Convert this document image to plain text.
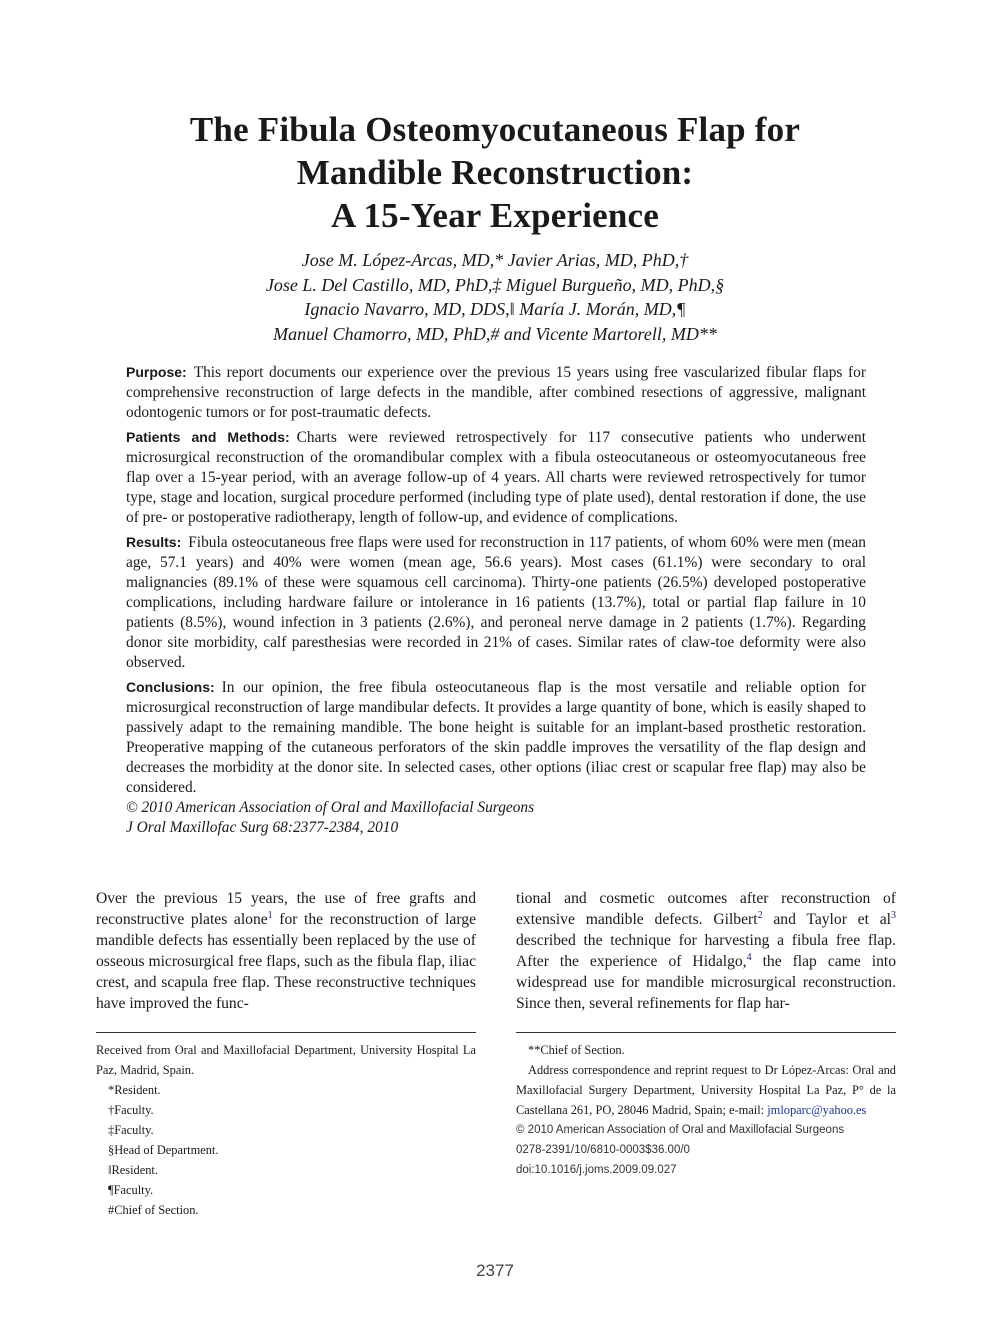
The Fibula Osteomyocutaneous Flap for
Mandible Reconstruction:
A 15-Year Experience
Jose M. López-Arcas, MD,* Javier Arias, MD, PhD,†
Jose L. Del Castillo, MD, PhD,‡ Miguel Burgueño, MD, PhD,§
Ignacio Navarro, MD, DDS,‖ María J. Morán, MD,¶
Manuel Chamorro, MD, PhD,# and Vicente Martorell, MD**

Purpose: This report documents our experience over the previous 15 years using free vascularized fibular flaps for comprehensive reconstruction of large defects in the mandible, after combined resections of aggressive, malignant odontogenic tumors or for post-traumatic defects.

Patients and Methods: Charts were reviewed retrospectively for 117 consecutive patients who underwent microsurgical reconstruction of the oromandibular complex with a fibula osteocutaneous or osteomyocutaneous free flap over a 15-year period, with an average follow-up of 4 years. All charts were reviewed retrospectively for tumor type, stage and location, surgical procedure performed (including type of plate used), dental restoration if done, the use of pre- or postoperative radiotherapy, length of follow-up, and evidence of complications.

Results: Fibula osteocutaneous free flaps were used for reconstruction in 117 patients, of whom 60% were men (mean age, 57.1 years) and 40% were women (mean age, 56.6 years). Most cases (61.1%) were secondary to oral malignancies (89.1% of these were squamous cell carcinoma). Thirty-one patients (26.5%) developed postoperative complications, including hardware failure or intolerance in 16 patients (13.7%), total or partial flap failure in 10 patients (8.5%), wound infection in 3 patients (2.6%), and peroneal nerve damage in 2 patients (1.7%). Regarding donor site morbidity, calf paresthesias were recorded in 21% of cases. Similar rates of claw-toe deformity were also observed.

Conclusions: In our opinion, the free fibula osteocutaneous flap is the most versatile and reliable option for microsurgical reconstruction of large mandibular defects. It provides a large quantity of bone, which is easily shaped to passively adapt to the remaining mandible. The bone height is suitable for an implant-based prosthetic restoration. Preoperative mapping of the cutaneous perforators of the skin paddle improves the versatility of the flap design and decreases the morbidity at the donor site. In selected cases, other options (iliac crest or scapular free flap) may also be considered.

© 2010 American Association of Oral and Maxillofacial Surgeons

J Oral Maxillofac Surg 68:2377-2384, 2010

Over the previous 15 years, the use of free grafts and reconstructive plates alone$^1$ for the reconstruction of large mandible defects has essentially been replaced by the use of osseous microsurgical free flaps, such as the fibula flap, iliac crest, and scapula free flap. These reconstructive techniques have improved the func-
tional and cosmetic outcomes after reconstruction of extensive mandible defects. Gilbert$^2$ and Taylor et $al^3$ described the technique for harvesting a fibula free flap. After the experience of Hidalgo,$^4$ the flap came into widespread use for mandible microsurgical reconstruction. Since then, several refinements for flap har-

Received from Oral and Maxillofacial Department, University Hospital La Paz, Madrid, Spain.

*Resident.

†Faculty.

‡Faculty.

§Head of Department.

‖Resident.

¶Faculty.

#Chief of Section.

**Chief of Section.

Address correspondence and reprint request to Dr López-Arcas: Oral and Maxillofacial Surgery Department, University Hospital La Paz, P° de la Castellana 261, PO, 28046 Madrid, Spain; e-mail: jmloparc@yahoo.es

© 2010 American Association of Oral and Maxillofacial Surgeons

0278-2391/10/6810-0003$36.00/0

doi:10.1016/j.joms.2009.09.027

2377
